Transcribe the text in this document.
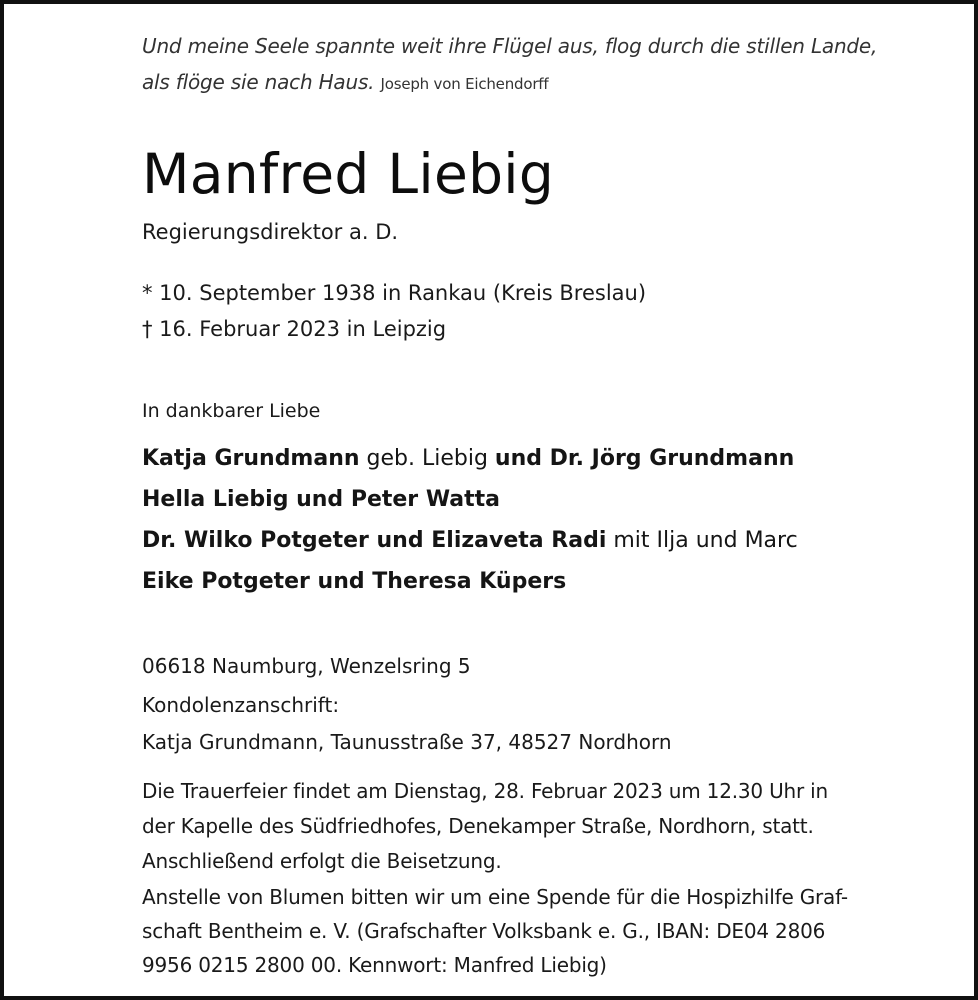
Und meine Seele spannte weit ihre Flügel aus, flog durch die stillen Lande,
als flöge sie nach Haus. Joseph von Eichendorff
Manfred Liebig
Regierungsdirektor a. D.
* 10. September 1938 in Rankau (Kreis Breslau)
† 16. Februar 2023 in Leipzig
In dankbarer Liebe
Katja Grundmann geb. Liebig und Dr. Jörg Grundmann
Hella Liebig und Peter Watta
Dr. Wilko Potgeter und Elizaveta Radi mit Ilja und Marc
Eike Potgeter und Theresa Küpers
06618 Naumburg, Wenzelsring 5
Kondolenzanschrift:
Katja Grundmann, Taunusstraße 37, 48527 Nordhorn
Die Trauerfeier findet am Dienstag, 28. Februar 2023 um 12.30 Uhr in
der Kapelle des Südfriedhofes, Denekamper Straße, Nordhorn, statt.
Anschließend erfolgt die Beisetzung.
Anstelle von Blumen bitten wir um eine Spende für die Hospizhilfe Graf-
schaft Bentheim e. V. (Grafschafter Volksbank e. G., IBAN: DE04 2806
9956 0215 2800 00. Kennwort: Manfred Liebig)
